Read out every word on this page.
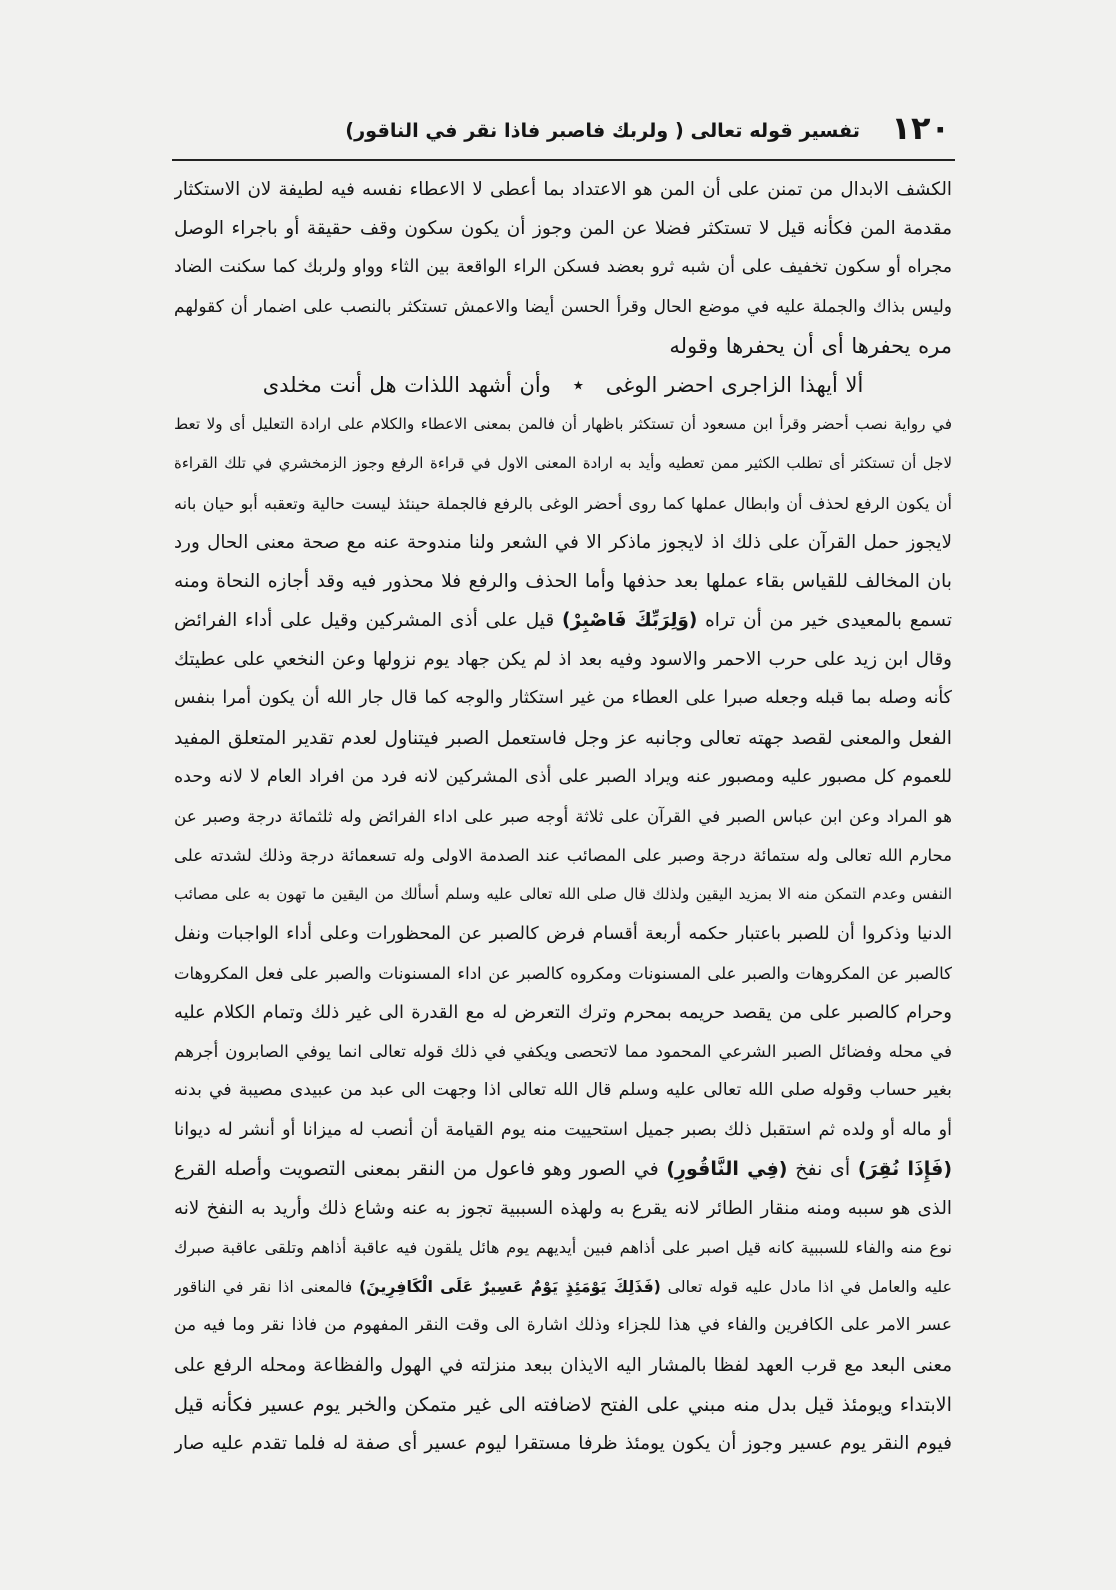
١٢٠
تفسير قوله تعالى ( ولربك فاصبر فاذا نقر في الناقور)
الكشف الابدال من تمنن على أن المن هو الاعتداد بما أعطى لا الاعطاء نفسه فيه لطيفة لان الاستكثار
مقدمة المن فكأنه قيل لا تستكثر فضلا عن المن وجوز أن يكون سكون وقف حقيقة أو باجراء الوصل
مجراه أو سكون تخفيف على أن شبه ثرو بعضد فسكن الراء الواقعة بين الثاء وواو ولربك كما سكنت الضاد
وليس بذاك والجملة عليه في موضع الحال وقرأ الحسن أيضا والاعمش تستكثر بالنصب على اضمار أن كقولهم
مره يحفرها أى أن يحفرها وقوله
ألا أيهذا الزاجرى احضر الوغى ٭ وأن أشهد اللذات هل أنت مخلدى
في رواية نصب أحضر وقرأ ابن مسعود أن تستكثر باظهار أن فالمن بمعنى الاعطاء والكلام على ارادة التعليل أى ولا تعط
لاجل أن تستكثر أى تطلب الكثير ممن تعطيه وأيد به ارادة المعنى الاول في قراءة الرفع وجوز الزمخشري في تلك القراءة
أن يكون الرفع لحذف أن وابطال عملها كما روى أحضر الوغى بالرفع فالجملة حينئذ ليست حالية وتعقبه أبو حيان بانه
لايجوز حمل القرآن على ذلك اذ لايجوز ماذكر الا في الشعر ولنا مندوحة عنه مع صحة معنى الحال ورد
بان المخالف للقياس بقاء عملها بعد حذفها وأما الحذف والرفع فلا محذور فيه وقد أجازه النحاة ومنه
تسمع بالمعيدى خير من أن تراه (وَلِرَبِّكَ فَاصْبِرْ) قيل على أذى المشركين وقيل على أداء الفرائض
وقال ابن زيد على حرب الاحمر والاسود وفيه بعد اذ لم يكن جهاد يوم نزولها وعن النخعي على عطيتك
كأنه وصله بما قبله وجعله صبرا على العطاء من غير استكثار والوجه كما قال جار الله أن يكون أمرا بنفس
الفعل والمعنى لقصد جهته تعالى وجانبه عز وجل فاستعمل الصبر فيتناول لعدم تقدير المتعلق المفيد
للعموم كل مصبور عليه ومصبور عنه ويراد الصبر على أذى المشركين لانه فرد من افراد العام لا لانه وحده
هو المراد وعن ابن عباس الصبر في القرآن على ثلاثة أوجه صبر على اداء الفرائض وله ثلثمائة درجة وصبر عن
محارم الله تعالى وله ستمائة درجة وصبر على المصائب عند الصدمة الاولى وله تسعمائة درجة وذلك لشدته على
النفس وعدم التمكن منه الا بمزيد اليقين ولذلك قال صلى الله تعالى عليه وسلم أسألك من اليقين ما تهون به على مصائب
الدنيا وذكروا أن للصبر باعتبار حكمه أربعة أقسام فرض كالصبر عن المحظورات وعلى أداء الواجبات ونفل
كالصبر عن المكروهات والصبر على المسنونات ومكروه كالصبر عن اداء المسنونات والصبر على فعل المكروهات
وحرام كالصبر على من يقصد حريمه بمحرم وترك التعرض له مع القدرة الى غير ذلك وتمام الكلام عليه
في محله وفضائل الصبر الشرعي المحمود مما لاتحصى ويكفي في ذلك قوله تعالى انما يوفي الصابرون أجرهم
بغير حساب وقوله صلى الله تعالى عليه وسلم قال الله تعالى اذا وجهت الى عبد من عبيدى مصيبة في بدنه
أو ماله أو ولده ثم استقبل ذلك بصبر جميل استحييت منه يوم القيامة أن أنصب له ميزانا أو أنشر له ديوانا
(فَإِذَا نُقِرَ) أى نفخ (فِي النَّاقُورِ) في الصور وهو فاعول من النقر بمعنى التصويت وأصله القرع
الذى هو سببه ومنه منقار الطائر لانه يقرع به ولهذه السببية تجوز به عنه وشاع ذلك وأريد به النفخ لانه
نوع منه والفاء للسببية كانه قيل اصبر على أذاهم فبين أيديهم يوم هائل يلقون فيه عاقبة أذاهم وتلقى عاقبة صبرك
عليه والعامل في اذا مادل عليه قوله تعالى (فَذَلِكَ يَوْمَئِذٍ يَوْمٌ عَسِيرٌ عَلَى الْكَافِرِينَ) فالمعنى اذا نقر في الناقور
عسر الامر على الكافرين والفاء في هذا للجزاء وذلك اشارة الى وقت النقر المفهوم من فاذا نقر وما فيه من
معنى البعد مع قرب العهد لفظا بالمشار اليه الايذان ببعد منزلته في الهول والفظاعة ومحله الرفع على
الابتداء ويومئذ قيل بدل منه مبني على الفتح لاضافته الى غير متمكن والخبر يوم عسير فكأنه قيل
فيوم النقر يوم عسير وجوز أن يكون يومئذ ظرفا مستقرا ليوم عسير أى صفة له فلما تقدم عليه صار
